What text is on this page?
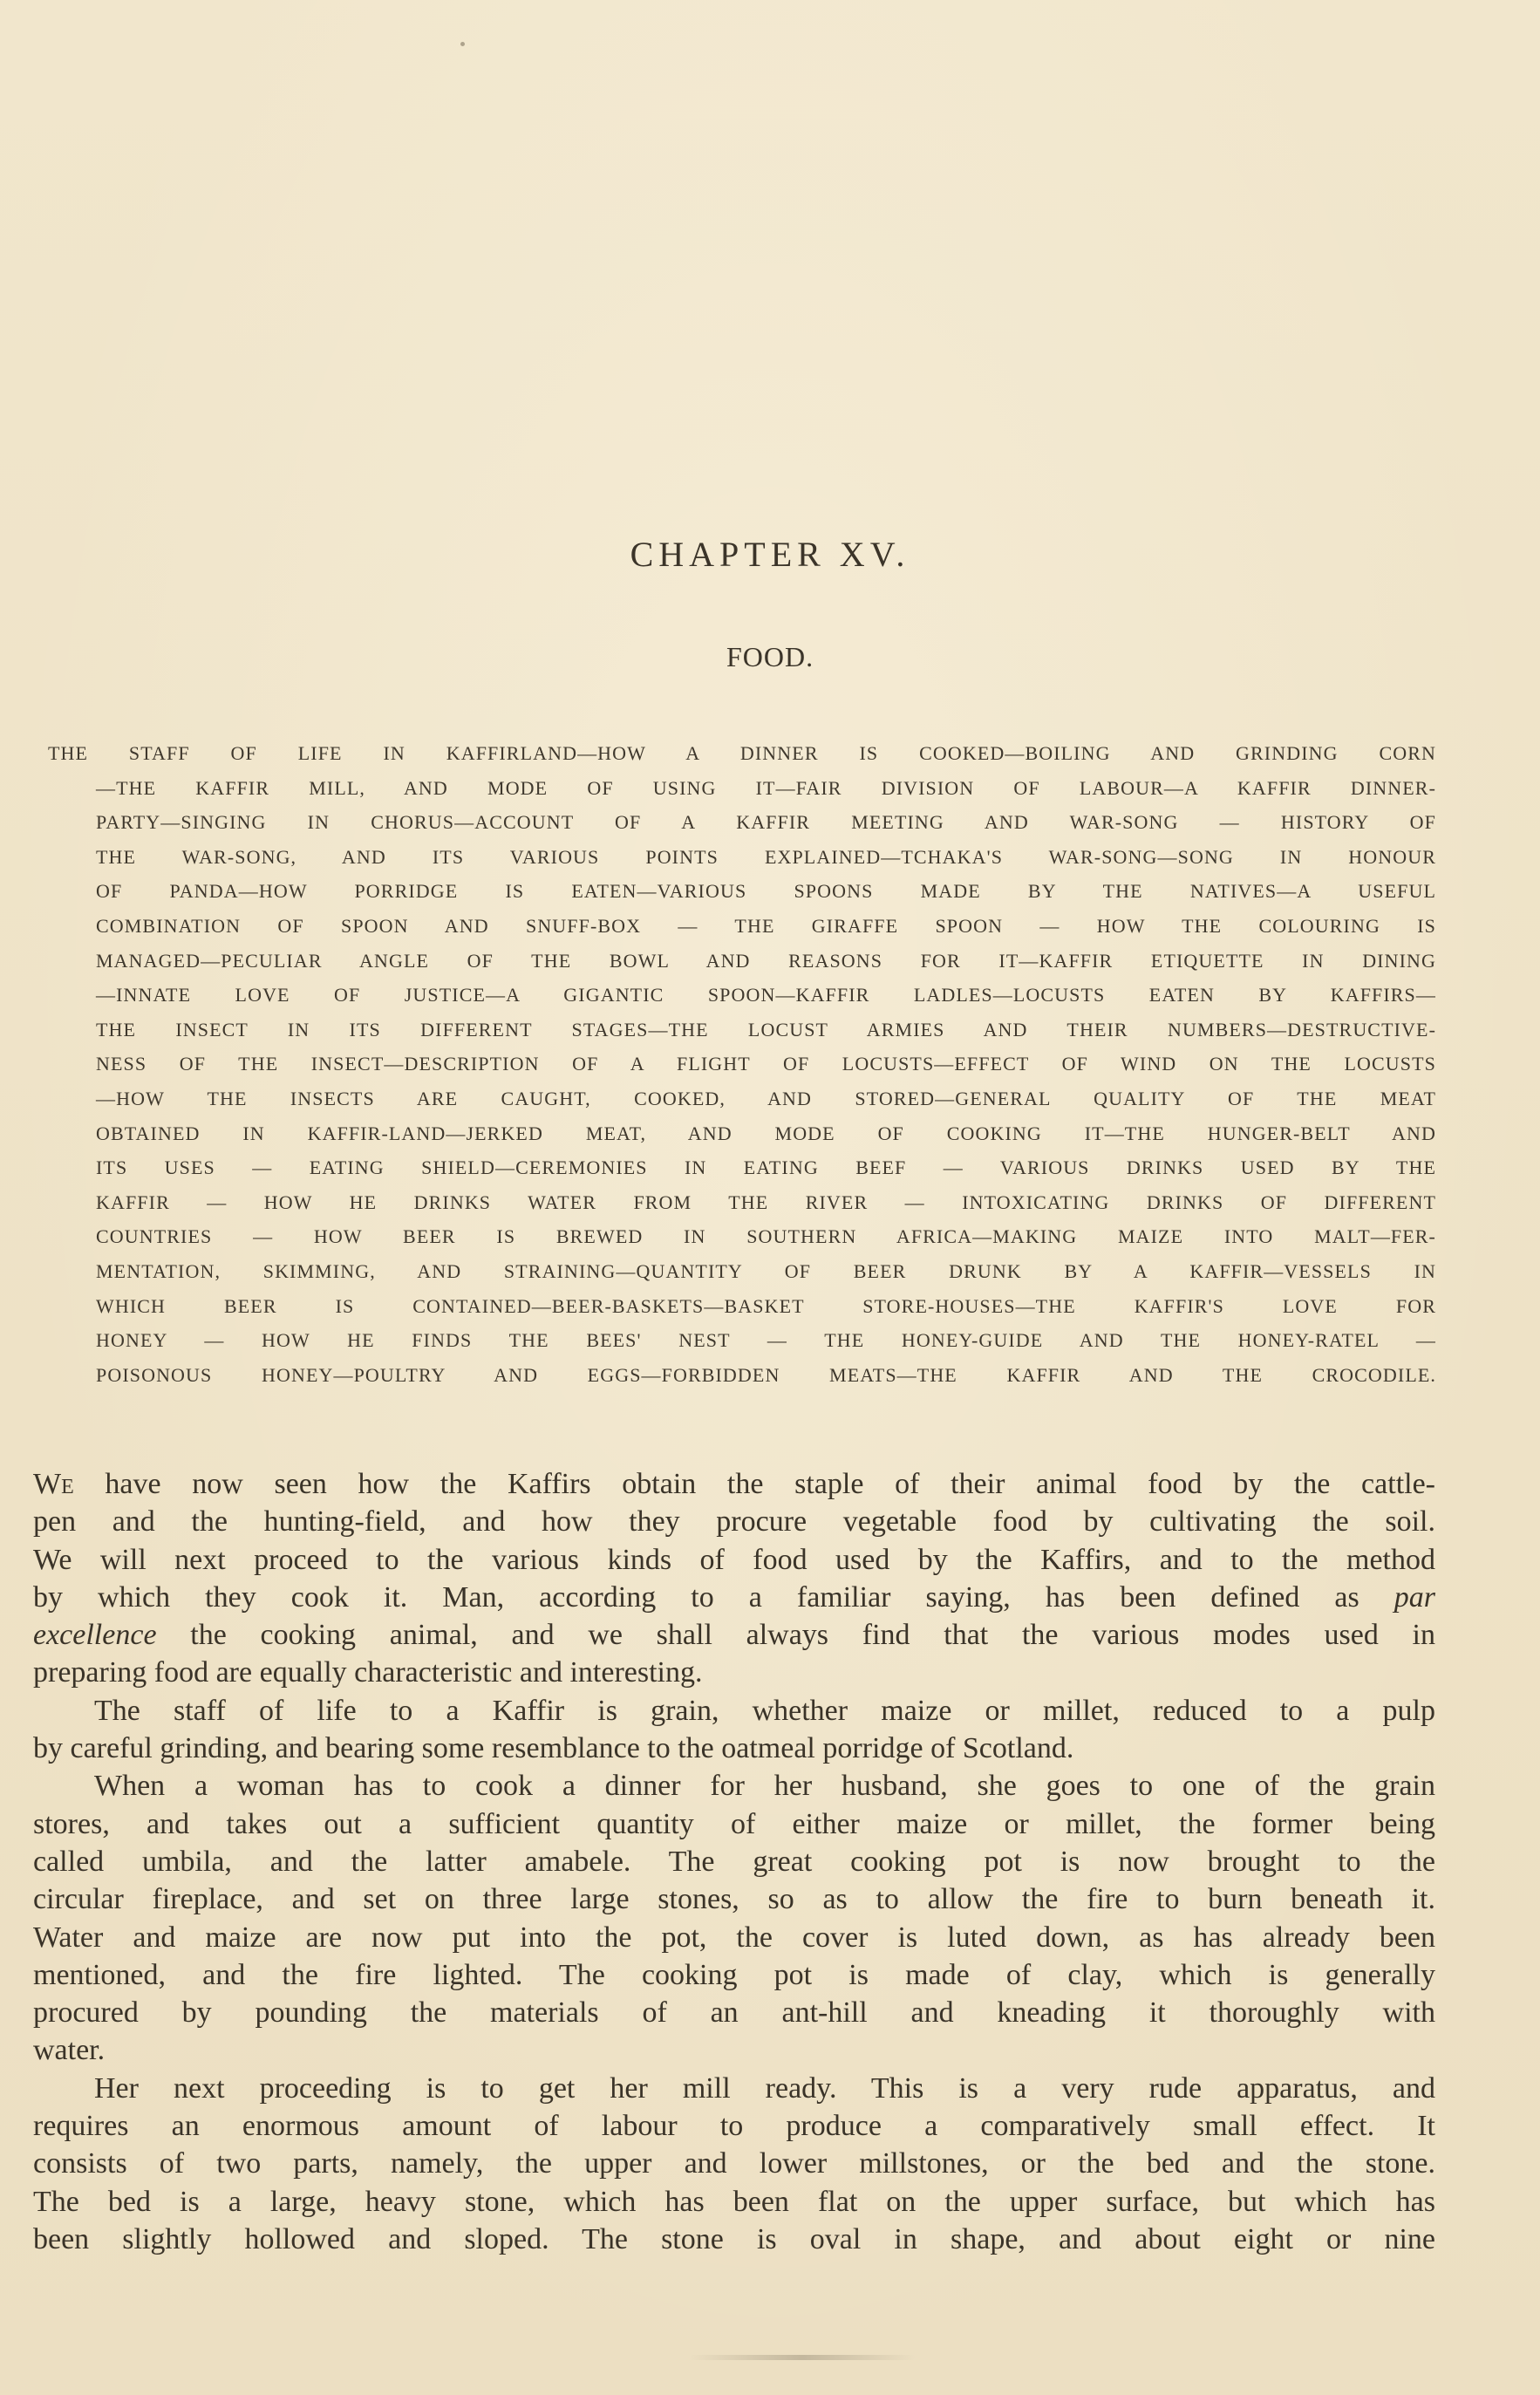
CHAPTER XV.
FOOD.
THE STAFF OF LIFE IN KAFFIRLAND—HOW A DINNER IS COOKED—BOILING AND GRINDING CORN
—THE KAFFIR MILL, AND MODE OF USING IT—FAIR DIVISION OF LABOUR—A KAFFIR DINNER-
PARTY—SINGING IN CHORUS—ACCOUNT OF A KAFFIR MEETING AND WAR-SONG — HISTORY OF
THE WAR-SONG, AND ITS VARIOUS POINTS EXPLAINED—TCHAKA'S WAR-SONG—SONG IN HONOUR
OF PANDA—HOW PORRIDGE IS EATEN—VARIOUS SPOONS MADE BY THE NATIVES—A USEFUL
COMBINATION OF SPOON AND SNUFF-BOX — THE GIRAFFE SPOON — HOW THE COLOURING IS
MANAGED—PECULIAR ANGLE OF THE BOWL AND REASONS FOR IT—KAFFIR ETIQUETTE IN DINING
—INNATE LOVE OF JUSTICE—A GIGANTIC SPOON—KAFFIR LADLES—LOCUSTS EATEN BY KAFFIRS—
THE INSECT IN ITS DIFFERENT STAGES—THE LOCUST ARMIES AND THEIR NUMBERS—DESTRUCTIVE-
NESS OF THE INSECT—DESCRIPTION OF A FLIGHT OF LOCUSTS—EFFECT OF WIND ON THE LOCUSTS
—HOW THE INSECTS ARE CAUGHT, COOKED, AND STORED—GENERAL QUALITY OF THE MEAT
OBTAINED IN KAFFIR-LAND—JERKED MEAT, AND MODE OF COOKING IT—THE HUNGER-BELT AND
ITS USES — EATING SHIELD—CEREMONIES IN EATING BEEF — VARIOUS DRINKS USED BY THE
KAFFIR — HOW HE DRINKS WATER FROM THE RIVER — INTOXICATING DRINKS OF DIFFERENT
COUNTRIES — HOW BEER IS BREWED IN SOUTHERN AFRICA—MAKING MAIZE INTO MALT—FER-
MENTATION, SKIMMING, AND STRAINING—QUANTITY OF BEER DRUNK BY A KAFFIR—VESSELS IN
WHICH BEER IS CONTAINED—BEER-BASKETS—BASKET STORE-HOUSES—THE KAFFIR'S LOVE FOR
HONEY — HOW HE FINDS THE BEES' NEST — THE HONEY-GUIDE AND THE HONEY-RATEL —
POISONOUS HONEY—POULTRY AND EGGS—FORBIDDEN MEATS—THE KAFFIR AND THE CROCODILE.
We have now seen how the Kaffirs obtain the staple of their animal food by the cattle-
pen and the hunting-field, and how they procure vegetable food by cultivating the soil.
We will next proceed to the various kinds of food used by the Kaffirs, and to the method
by which they cook it. Man, according to a familiar saying, has been defined as par
excellence the cooking animal, and we shall always find that the various modes used in
preparing food are equally characteristic and interesting.
The staff of life to a Kaffir is grain, whether maize or millet, reduced to a pulp
by careful grinding, and bearing some resemblance to the oatmeal porridge of Scotland.
When a woman has to cook a dinner for her husband, she goes to one of the grain
stores, and takes out a sufficient quantity of either maize or millet, the former being
called umbila, and the latter amabele. The great cooking pot is now brought to the
circular fireplace, and set on three large stones, so as to allow the fire to burn beneath it.
Water and maize are now put into the pot, the cover is luted down, as has already been
mentioned, and the fire lighted. The cooking pot is made of clay, which is generally
procured by pounding the materials of an ant-hill and kneading it thoroughly with
water.
Her next proceeding is to get her mill ready. This is a very rude apparatus, and
requires an enormous amount of labour to produce a comparatively small effect. It
consists of two parts, namely, the upper and lower millstones, or the bed and the stone.
The bed is a large, heavy stone, which has been flat on the upper surface, but which has
been slightly hollowed and sloped. The stone is oval in shape, and about eight or nine
